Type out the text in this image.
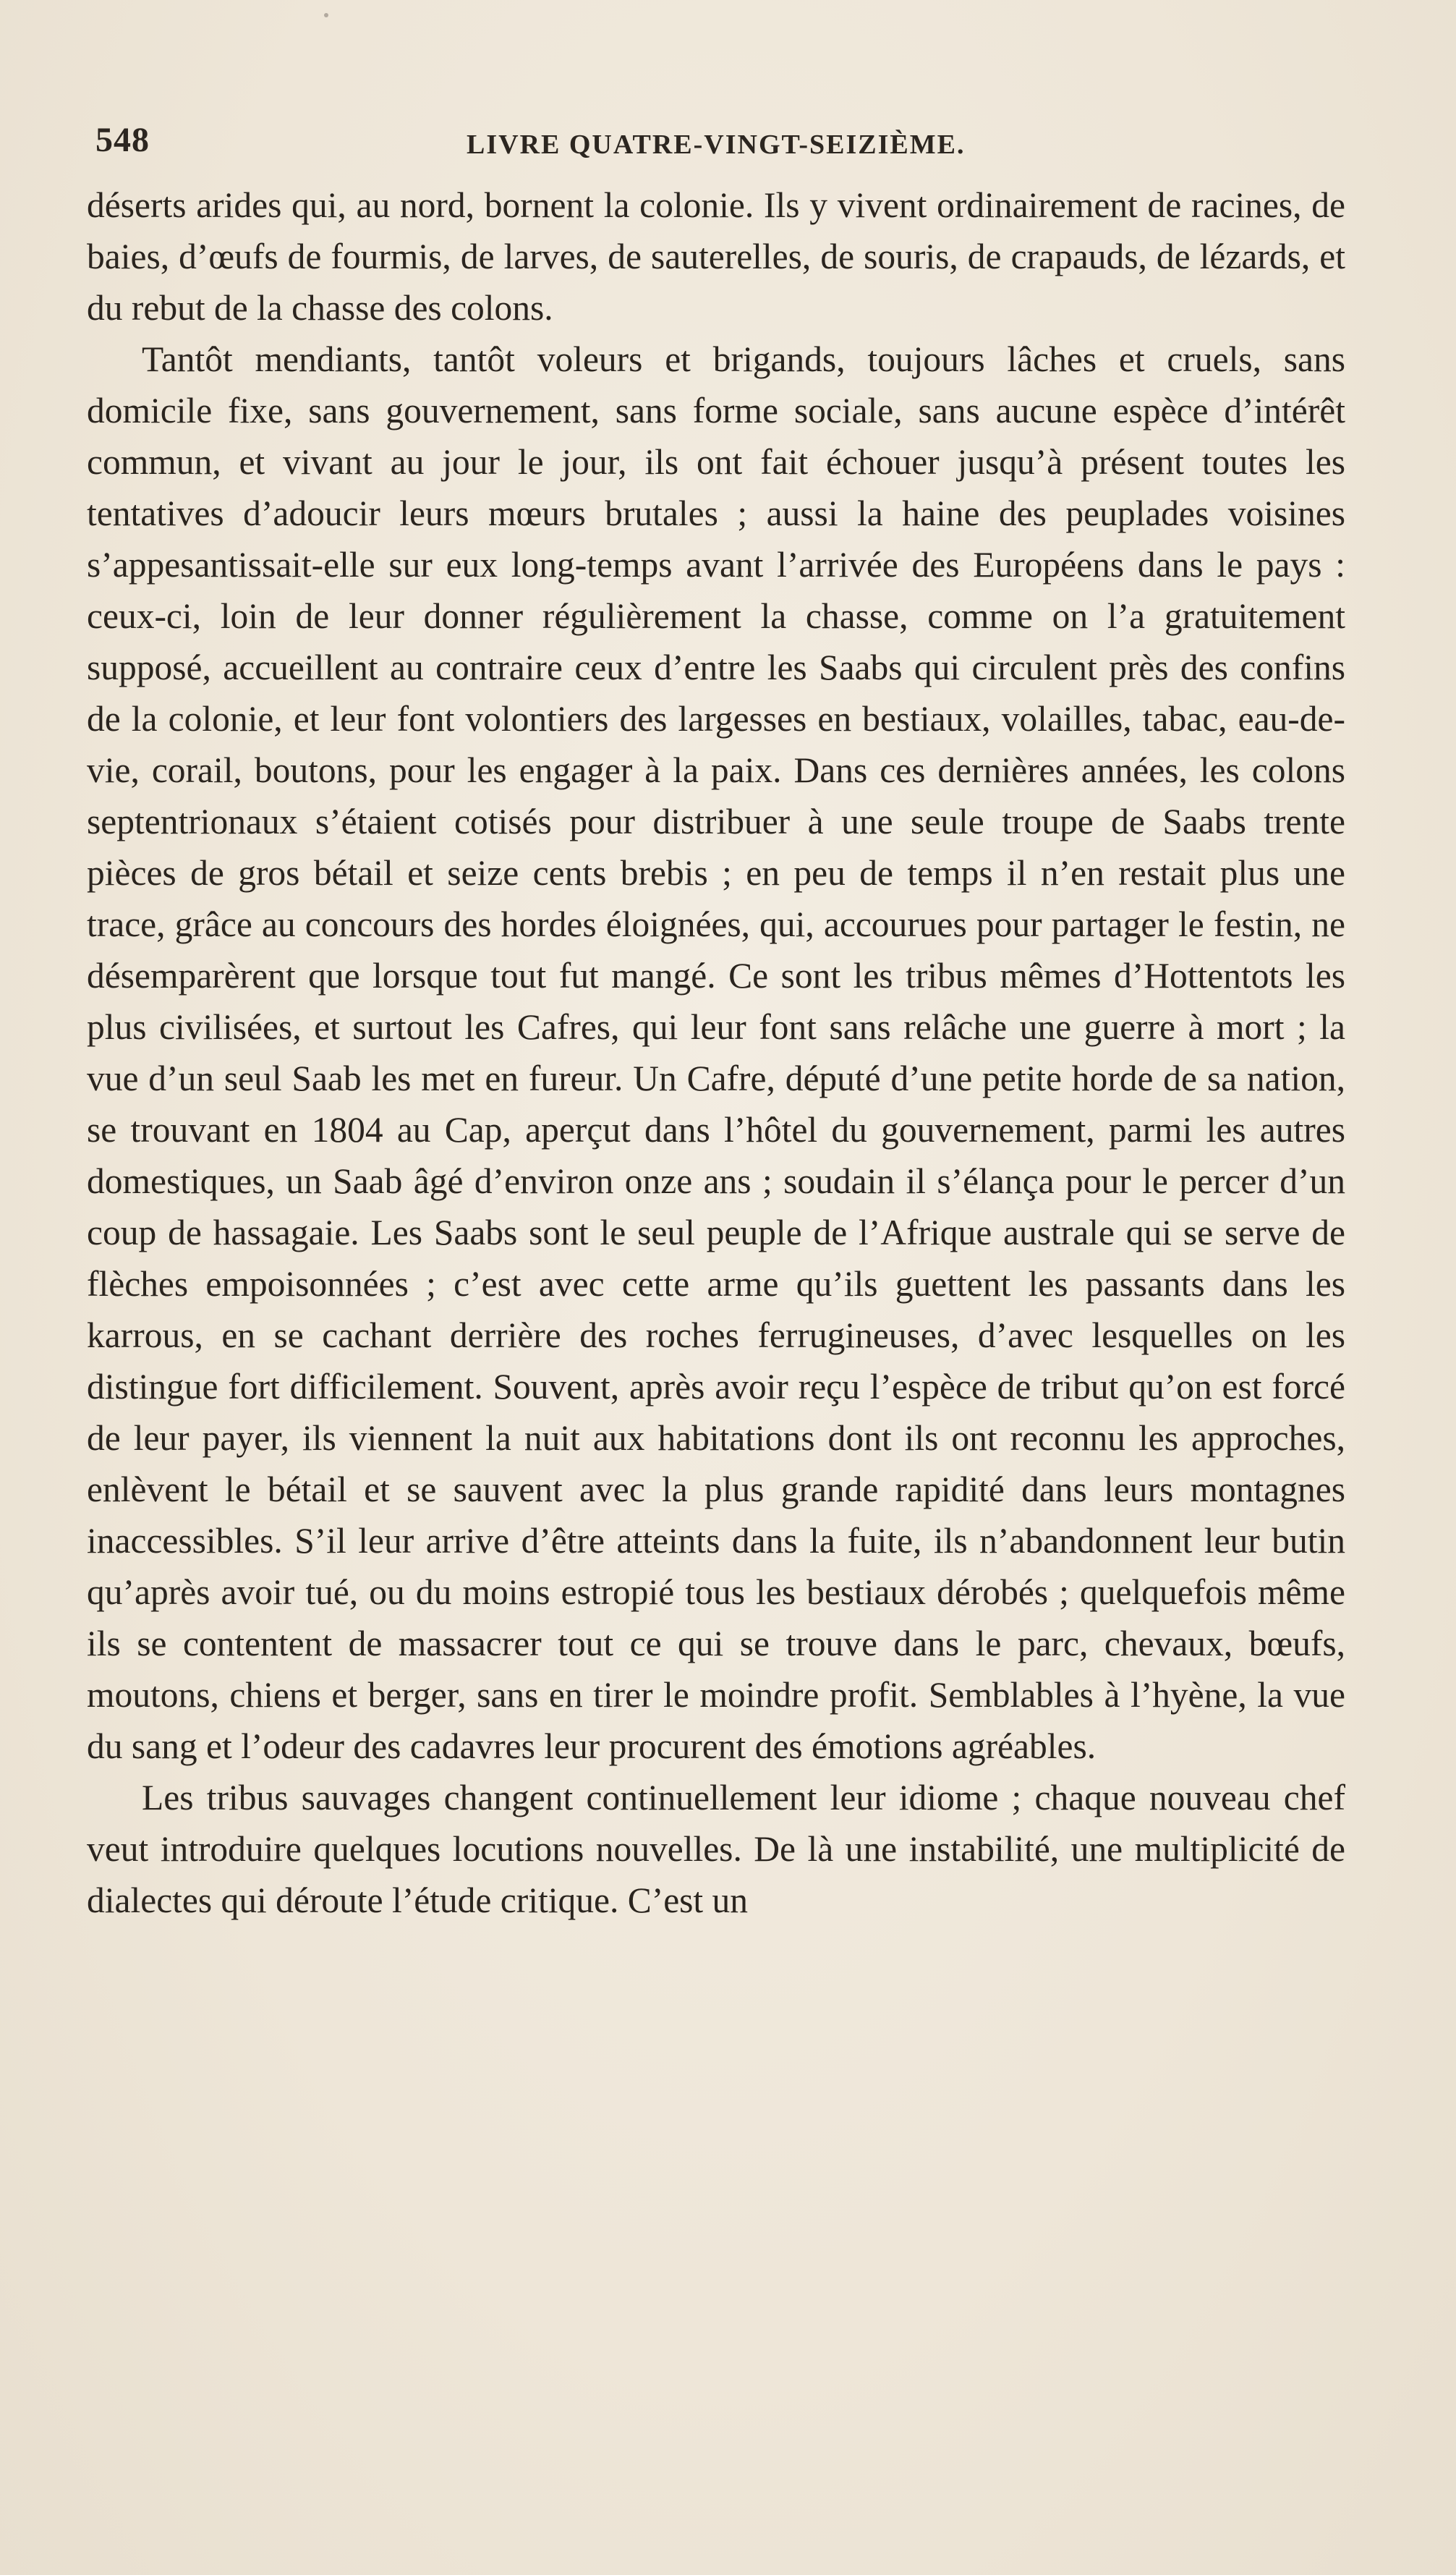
548	LIVRE QUATRE-VINGT-SEIZIÈME.

déserts arides qui, au nord, bornent la colonie. Ils y vivent ordinairement de racines, de baies, d’œufs de fourmis, de larves, de sauterelles, de souris, de crapauds, de lézards, et du rebut de la chasse des colons.

Tantôt mendiants, tantôt voleurs et brigands, toujours lâches et cruels, sans domicile fixe, sans gouvernement, sans forme sociale, sans aucune espèce d’intérêt commun, et vivant au jour le jour, ils ont fait échouer jusqu’à présent toutes les tentatives d’adoucir leurs mœurs brutales ; aussi la haine des peuplades voisines s’appesantissait-elle sur eux long-temps avant l’arrivée des Européens dans le pays : ceux-ci, loin de leur donner régulièrement la chasse, comme on l’a gratuitement supposé, accueillent au contraire ceux d’entre les Saabs qui circulent près des confins de la colonie, et leur font volontiers des largesses en bestiaux, volailles, tabac, eau-de-vie, corail, boutons, pour les engager à la paix. Dans ces dernières années, les colons septentrionaux s’étaient cotisés pour distribuer à une seule troupe de Saabs trente pièces de gros bétail et seize cents brebis ; en peu de temps il n’en restait plus une trace, grâce au concours des hordes éloignées, qui, accourues pour partager le festin, ne désemparèrent que lorsque tout fut mangé. Ce sont les tribus mêmes d’Hottentots les plus civilisées, et surtout les Cafres, qui leur font sans relâche une guerre à mort ; la vue d’un seul Saab les met en fureur. Un Cafre, député d’une petite horde de sa nation, se trouvant en 1804 au Cap, aperçut dans l’hôtel du gouvernement, parmi les autres domestiques, un Saab âgé d’environ onze ans ; soudain il s’élança pour le percer d’un coup de hassagaie. Les Saabs sont le seul peuple de l’Afrique australe qui se serve de flèches empoisonnées ; c’est avec cette arme qu’ils guettent les passants dans les karrous, en se cachant derrière des roches ferrugineuses, d’avec lesquelles on les distingue fort difficilement. Souvent, après avoir reçu l’espèce de tribut qu’on est forcé de leur payer, ils viennent la nuit aux habitations dont ils ont reconnu les approches, enlèvent le bétail et se sauvent avec la plus grande rapidité dans leurs montagnes inaccessibles. S’il leur arrive d’être atteints dans la fuite, ils n’abandonnent leur butin qu’après avoir tué, ou du moins estropié tous les bestiaux dérobés ; quelquefois même ils se contentent de massacrer tout ce qui se trouve dans le parc, chevaux, bœufs, moutons, chiens et berger, sans en tirer le moindre profit. Semblables à l’hyène, la vue du sang et l’odeur des cadavres leur procurent des émotions agréables.

Les tribus sauvages changent continuellement leur idiome ; chaque nouveau chef veut introduire quelques locutions nouvelles. De là une instabilité, une multiplicité de dialectes qui déroute l’étude critique. C’est un
